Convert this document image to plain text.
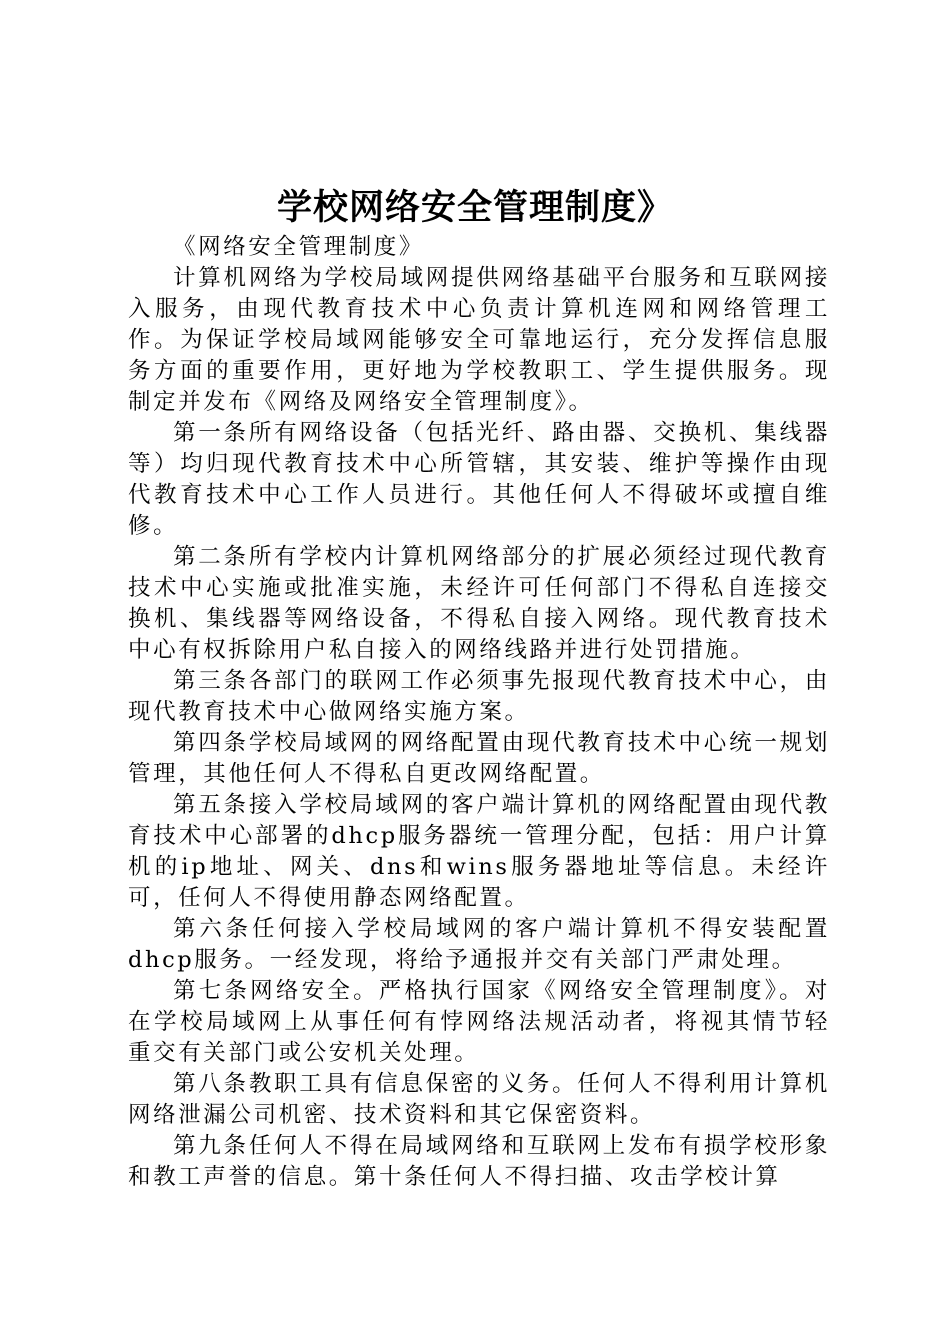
学校网络安全管理制度》

《网络安全管理制度》

计算机网络为学校局域网提供网络基础平台服务和互联网接入服务，由现代教育技术中心负责计算机连网和网络管理工作。为保证学校局域网能够安全可靠地运行，充分发挥信息服务方面的重要作用，更好地为学校教职工、学生提供服务。现制定并发布《网络及网络安全管理制度》。

第一条所有网络设备（包括光纤、路由器、交换机、集线器等）均归现代教育技术中心所管辖，其安装、维护等操作由现代教育技术中心工作人员进行。其他任何人不得破坏或擅自维修。

第二条所有学校内计算机网络部分的扩展必须经过现代教育技术中心实施或批准实施，未经许可任何部门不得私自连接交换机、集线器等网络设备，不得私自接入网络。现代教育技术中心有权拆除用户私自接入的网络线路并进行处罚措施。

第三条各部门的联网工作必须事先报现代教育技术中心，由现代教育技术中心做网络实施方案。

第四条学校局域网的网络配置由现代教育技术中心统一规划管理，其他任何人不得私自更改网络配置。

第五条接入学校局域网的客户端计算机的网络配置由现代教育技术中心部署的dhcp服务器统一管理分配，包括：用户计算机的ip地址、网关、dns和wins服务器地址等信息。未经许可，任何人不得使用静态网络配置。

第六条任何接入学校局域网的客户端计算机不得安装配置dhcp服务。一经发现，将给予通报并交有关部门严肃处理。

第七条网络安全。严格执行国家《网络安全管理制度》。对在学校局域网上从事任何有悖网络法规活动者，将视其情节轻重交有关部门或公安机关处理。

第八条教职工具有信息保密的义务。任何人不得利用计算机网络泄漏公司机密、技术资料和其它保密资料。

第九条任何人不得在局域网络和互联网上发布有损学校形象和教工声誉的信息。第十条任何人不得扫描、攻击学校计算
